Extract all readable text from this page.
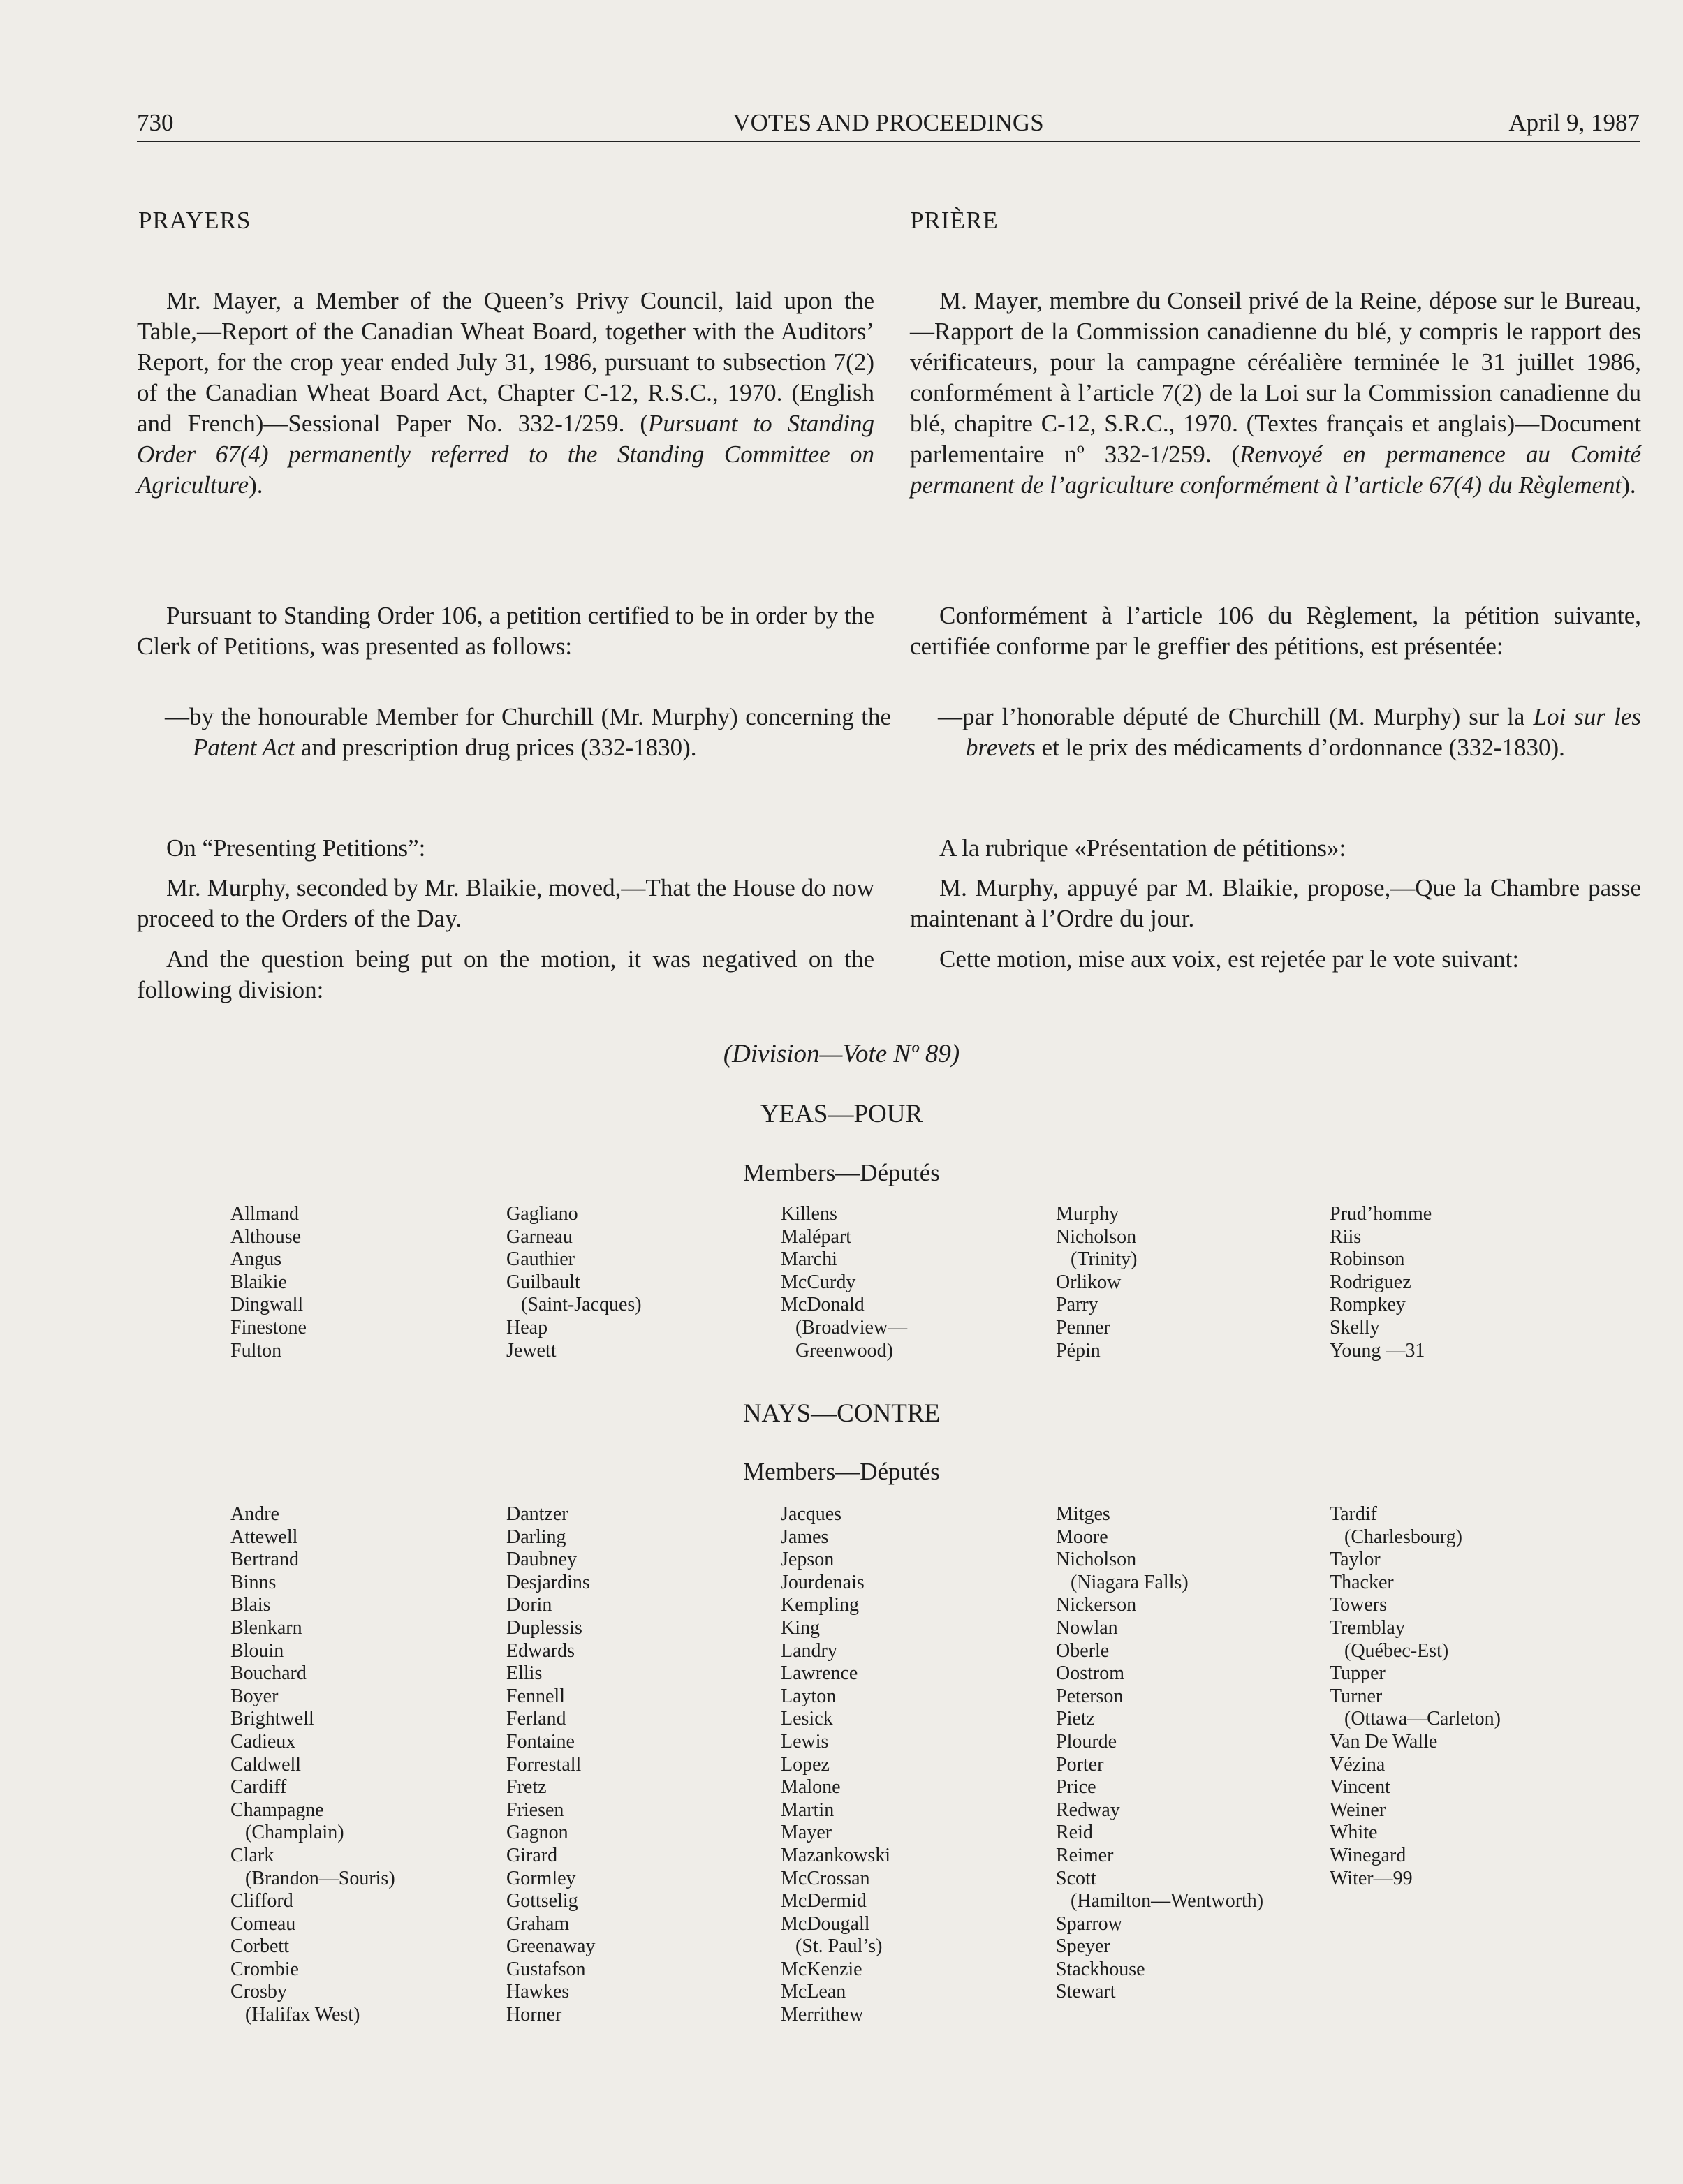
730	VOTES AND PROCEEDINGS	April 9, 1987
PRAYERS

Mr. Mayer, a Member of the Queen’s Privy Council, laid upon the Table,—Report of the Canadian Wheat Board, together with the Auditors’ Report, for the crop year ended July 31, 1986, pursuant to subsection 7(2) of the Canadian Wheat Board Act, Chapter C-12, R.S.C., 1970. (English and French)—Sessional Paper No. 332-1/259. (Pursuant to Standing Order 67(4) permanently referred to the Standing Committee on Agriculture).

Pursuant to Standing Order 106, a petition certified to be in order by the Clerk of Petitions, was presented as follows:

—by the honourable Member for Churchill (Mr. Murphy) concerning the Patent Act and prescription drug prices (332-1830).

On “Presenting Petitions”:

Mr. Murphy, seconded by Mr. Blaikie, moved,—That the House do now proceed to the Orders of the Day.

And the question being put on the motion, it was negatived on the following division:

PRIÈRE

M. Mayer, membre du Conseil privé de la Reine, dépose sur le Bureau,—Rapport de la Commission canadienne du blé, y compris le rapport des vérificateurs, pour la campagne céréalière terminée le 31 juillet 1986, conformément à l’article 7(2) de la Loi sur la Commission canadienne du blé, chapitre C-12, S.R.C., 1970. (Textes français et anglais)—Document parlementaire nº 332-1/259. (Renvoyé en permanence au Comité permanent de l’agriculture conformément à l’article 67(4) du Règlement).

Conformément à l’article 106 du Règlement, la pétition suivante, certifiée conforme par le greffier des pétitions, est présentée:

—par l’honorable député de Churchill (M. Murphy) sur la Loi sur les brevets et le prix des médicaments d’ordonnance (332-1830).

A la rubrique «Présentation de pétitions»:

M. Murphy, appuyé par M. Blaikie, propose,—Que la Chambre passe maintenant à l’Ordre du jour.

Cette motion, mise aux voix, est rejetée par le vote suivant:

(Division—Vote Nº 89)
YEAS—POUR
Members—Députés
Allmand
Althouse
Angus
Blaikie
Dingwall
Finestone
Fulton
Gagliano
Garneau
Gauthier
Guilbault
(Saint-Jacques)
Heap
Jewett
Killens
Malépart
Marchi
McCurdy
McDonald
(Broadview—
Greenwood)
Murphy
Nicholson
(Trinity)
Orlikow
Parry
Penner
Pépin
Prud’homme
Riis
Robinson
Rodriguez
Rompkey
Skelly
Young —31
NAYS—CONTRE
Members—Députés
Andre
Attewell
Bertrand
Binns
Blais
Blenkarn
Blouin
Bouchard
Boyer
Brightwell
Cadieux
Caldwell
Cardiff
Champagne
(Champlain)
Clark
(Brandon—Souris)
Clifford
Comeau
Corbett
Crombie
Crosby
(Halifax West)
Dantzer
Darling
Daubney
Desjardins
Dorin
Duplessis
Edwards
Ellis
Fennell
Ferland
Fontaine
Forrestall
Fretz
Friesen
Gagnon
Girard
Gormley
Gottselig
Graham
Greenaway
Gustafson
Hawkes
Horner
Jacques
James
Jepson
Jourdenais
Kempling
King
Landry
Lawrence
Layton
Lesick
Lewis
Lopez
Malone
Martin
Mayer
Mazankowski
McCrossan
McDermid
McDougall
(St. Paul’s)
McKenzie
McLean
Merrithew
Mitges
Moore
Nicholson
(Niagara Falls)
Nickerson
Nowlan
Oberle
Oostrom
Peterson
Pietz
Plourde
Porter
Price
Redway
Reid
Reimer
Scott
(Hamilton—Wentworth)
Sparrow
Speyer
Stackhouse
Stewart
Tardif
(Charlesbourg)
Taylor
Thacker
Towers
Tremblay
(Québec-Est)
Tupper
Turner
(Ottawa—Carleton)
Van De Walle
Vézina
Vincent
Weiner
White
Winegard
Witer—99
